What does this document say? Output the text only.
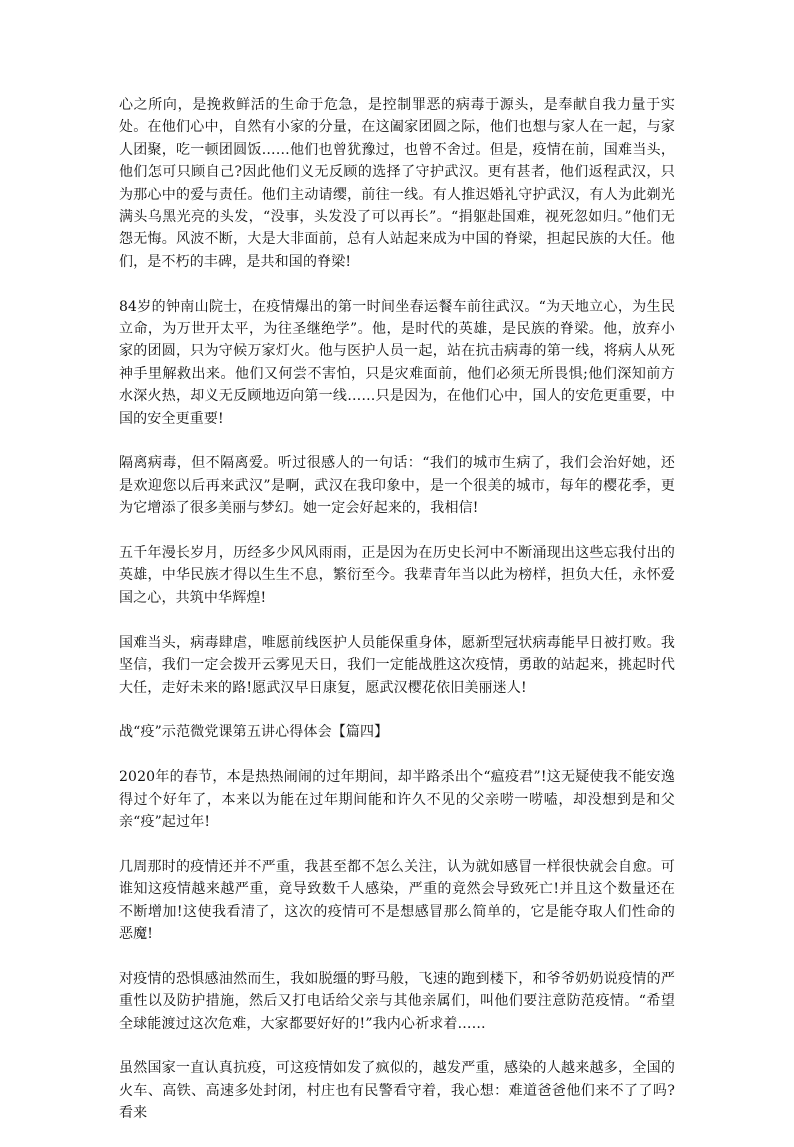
心之所向，是挽救鲜活的生命于危急，是控制罪恶的病毒于源头，是奉献自我力量于实处。在他们心中，自然有小家的分量，在这阖家团圆之际，他们也想与家人在一起，与家人团聚，吃一顿团圆饭……他们也曾犹豫过，也曾不舍过。但是，疫情在前，国难当头，他们怎可只顾自己?因此他们义无反顾的选择了守护武汉。更有甚者，他们返程武汉，只为那心中的爱与责任。他们主动请缨，前往一线。有人推迟婚礼守护武汉，有人为此剃光满头乌黑光亮的头发，“没事，头发没了可以再长”。“捐躯赴国难，视死忽如归。”他们无怨无悔。风波不断，大是大非面前，总有人站起来成为中国的脊梁，担起民族的大任。他们，是不朽的丰碑，是共和国的脊梁!

84岁的钟南山院士，在疫情爆出的第一时间坐春运餐车前往武汉。“为天地立心，为生民立命，为万世开太平，为往圣继绝学”。他，是时代的英雄，是民族的脊梁。他，放弃小家的团圆，只为守候万家灯火。他与医护人员一起，站在抗击病毒的第一线，将病人从死神手里解救出来。他们又何尝不害怕，只是灾难面前，他们必须无所畏惧;他们深知前方水深火热，却义无反顾地迈向第一线……只是因为，在他们心中，国人的安危更重要，中国的安全更重要!

隔离病毒，但不隔离爱。听过很感人的一句话：“我们的城市生病了，我们会治好她，还是欢迎您以后再来武汉”是啊，武汉在我印象中，是一个很美的城市，每年的樱花季，更为它增添了很多美丽与梦幻。她一定会好起来的，我相信!

五千年漫长岁月，历经多少风风雨雨，正是因为在历史长河中不断涌现出这些忘我付出的英雄，中华民族才得以生生不息，繁衍至今。我辈青年当以此为榜样，担负大任，永怀爱国之心，共筑中华辉煌!

国难当头，病毒肆虐，唯愿前线医护人员能保重身体，愿新型冠状病毒能早日被打败。我坚信，我们一定会拨开云雾见天日，我们一定能战胜这次疫情，勇敢的站起来，挑起时代大任，走好未来的路!愿武汉早日康复，愿武汉樱花依旧美丽迷人!

战“疫”示范微党课第五讲心得体会【篇四】

2020年的春节，本是热热闹闹的过年期间，却半路杀出个“瘟疫君”!这无疑使我不能安逸得过个好年了，本来以为能在过年期间能和许久不见的父亲唠一唠嗑，却没想到是和父亲“疫”起过年!

几周那时的疫情还并不严重，我甚至都不怎么关注，认为就如感冒一样很快就会自愈。可谁知这疫情越来越严重，竟导致数千人感染，严重的竟然会导致死亡!并且这个数量还在不断增加!这使我看清了，这次的疫情可不是想感冒那么简单的，它是能夺取人们性命的恶魔!

对疫情的恐惧感油然而生，我如脱缰的野马般，飞速的跑到楼下，和爷爷奶奶说疫情的严重性以及防护措施，然后又打电话给父亲与其他亲属们，叫他们要注意防范疫情。“希望全球能渡过这次危难，大家都要好好的!”我内心祈求着……

虽然国家一直认真抗疫，可这疫情如发了疯似的，越发严重，感染的人越来越多，全国的火车、高铁、高速多处封闭，村庄也有民警看守着，我心想：难道爸爸他们来不了了吗?看来
